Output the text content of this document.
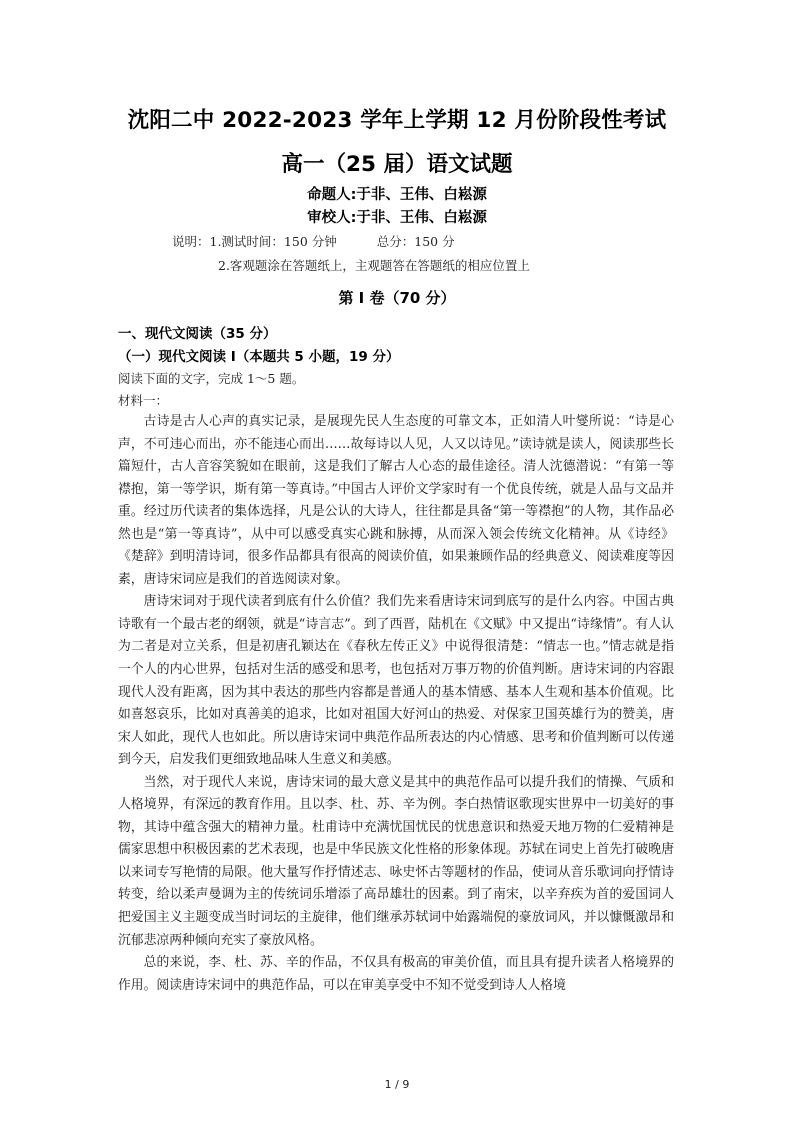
沈阳二中 2022-2023 学年上学期 12 月份阶段性考试
高一（25 届）语文试题
命题人:于非、王伟、白崧源
审校人:于非、王伟、白崧源
说明：1.测试时间：150 分钟	总分：150 分
2.客观题涂在答题纸上，主观题答在答题纸的相应位置上
第 I 卷（70 分）
一、现代文阅读（35 分）
（一）现代文阅读 I（本题共 5 小题，19 分）
阅读下面的文字，完成 1～5 题。
材料一：

古诗是古人心声的真实记录，是展现先民人生态度的可靠文本，正如清人叶燮所说：“诗是心声，不可违心而出，亦不能违心而出……故每诗以人见，人又以诗见。”读诗就是读人，阅读那些长篇短什，古人音容笑貌如在眼前，这是我们了解古人心态的最佳途径。清人沈德潜说：“有第一等襟抱，第一等学识，斯有第一等真诗。”中国古人评价文学家时有一个优良传统，就是人品与文品并重。经过历代读者的集体选择，凡是公认的大诗人，往往都是具备“第一等襟抱”的人物，其作品必然也是“第一等真诗”，从中可以感受真实心跳和脉搏，从而深入领会传统文化精神。从《诗经》《楚辞》到明清诗词，很多作品都具有很高的阅读价值，如果兼顾作品的经典意义、阅读难度等因素，唐诗宋词应是我们的首选阅读对象。

唐诗宋词对于现代读者到底有什么价值？我们先来看唐诗宋词到底写的是什么内容。中国古典诗歌有一个最古老的纲领，就是“诗言志”。到了西晋，陆机在《文赋》中又提出“诗缘情”。有人认为二者是对立关系，但是初唐孔颖达在《春秋左传正义》中说得很清楚：“情志一也。”情志就是指一个人的内心世界，包括对生活的感受和思考，也包括对万事万物的价值判断。唐诗宋词的内容跟现代人没有距离，因为其中表达的那些内容都是普通人的基本情感、基本人生观和基本价值观。比如喜怒哀乐，比如对真善美的追求，比如对祖国大好河山的热爱、对保家卫国英雄行为的赞美，唐宋人如此，现代人也如此。所以唐诗宋词中典范作品所表达的内心情感、思考和价值判断可以传递到今天，启发我们更细致地品味人生意义和美感。

当然，对于现代人来说，唐诗宋词的最大意义是其中的典范作品可以提升我们的情操、气质和人格境界，有深远的教育作用。且以李、杜、苏、辛为例。李白热情讴歌现实世界中一切美好的事物，其诗中蕴含强大的精神力量。杜甫诗中充满忧国忧民的忧患意识和热爱天地万物的仁爱精神是儒家思想中积极因素的艺术表现，也是中华民族文化性格的形象体现。苏轼在词史上首先打破晚唐以来词专写艳情的局限。他大量写作抒情述志、咏史怀古等题材的作品，使词从音乐歌词向抒情诗转变，给以柔声曼调为主的传统词乐增添了高昂雄壮的因素。到了南宋，以辛弃疾为首的爱国词人把爱国主义主题变成当时词坛的主旋律，他们继承苏轼词中始露端倪的豪放词风，并以慷慨激昂和沉郁悲凉两种倾向充实了豪放风格。

总的来说，李、杜、苏、辛的作品，不仅具有极高的审美价值，而且具有提升读者人格境界的作用。阅读唐诗宋词中的典范作品，可以在审美享受中不知不觉受到诗人人格境

1 / 9
